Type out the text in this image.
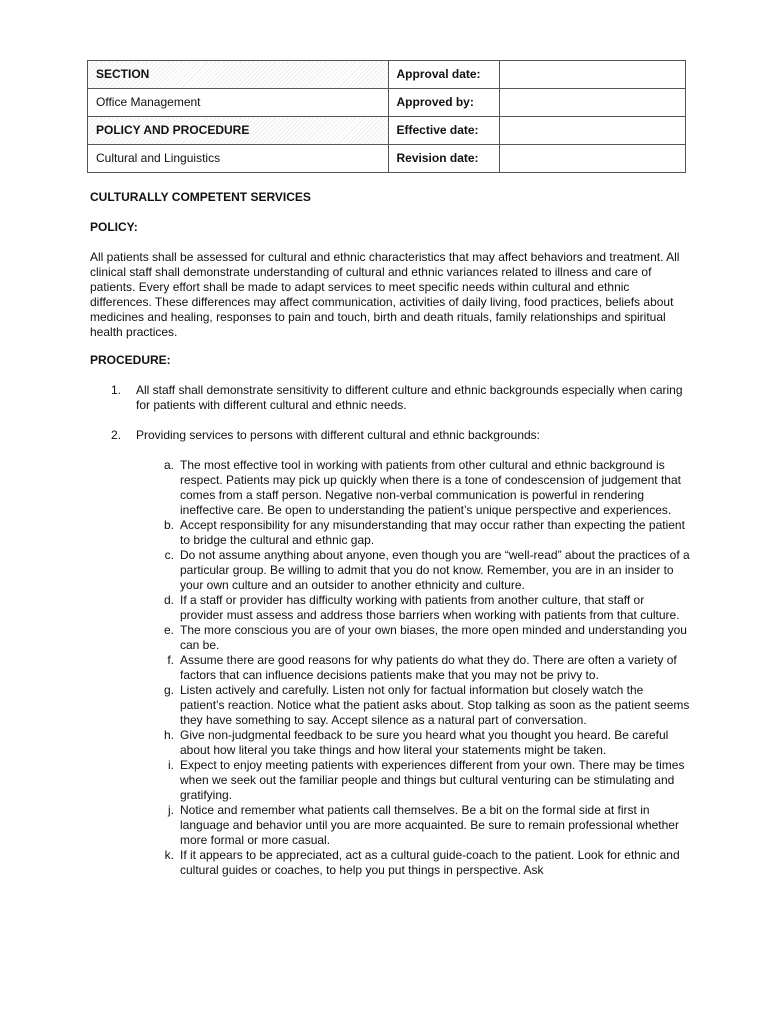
SECTION	Approval date:	
Office Management	Approved by:	
POLICY AND PROCEDURE	Effective date:	
Cultural and Linguistics	Revision date:	
CULTURALLY COMPETENT SERVICES
POLICY:

All patients shall be assessed for cultural and ethnic characteristics that may affect behaviors and treatment. All clinical staff shall demonstrate understanding of cultural and ethnic variances related to illness and care of patients. Every effort shall be made to adapt services to meet specific needs within cultural and ethnic differences. These differences may affect communication, activities of daily living, food practices, beliefs about medicines and healing, responses to pain and touch, birth and death rituals, family relationships and spiritual health practices.

PROCEDURE:
1. All staff shall demonstrate sensitivity to different culture and ethnic backgrounds especially when caring for patients with different cultural and ethnic needs.
2. Providing services to persons with different cultural and ethnic backgrounds:
a. The most effective tool in working with patients from other cultural and ethnic background is respect. Patients may pick up quickly when there is a tone of condescension of judgement that comes from a staff person. Negative non-verbal communication is powerful in rendering ineffective care. Be open to understanding the patient’s unique perspective and experiences.
b. Accept responsibility for any misunderstanding that may occur rather than expecting the patient to bridge the cultural and ethnic gap.
c. Do not assume anything about anyone, even though you are “well-read” about the practices of a particular group. Be willing to admit that you do not know. Remember, you are in an insider to your own culture and an outsider to another ethnicity and culture.
d. If a staff or provider has difficulty working with patients from another culture, that staff or provider must assess and address those barriers when working with patients from that culture.
e. The more conscious you are of your own biases, the more open minded and understanding you can be.
f. Assume there are good reasons for why patients do what they do. There are often a variety of factors that can influence decisions patients make that you may not be privy to.
g. Listen actively and carefully. Listen not only for factual information but closely watch the patient’s reaction. Notice what the patient asks about. Stop talking as soon as the patient seems they have something to say. Accept silence as a natural part of conversation.
h. Give non-judgmental feedback to be sure you heard what you thought you heard. Be careful about how literal you take things and how literal your statements might be taken.
i. Expect to enjoy meeting patients with experiences different from your own. There may be times when we seek out the familiar people and things but cultural venturing can be stimulating and gratifying.
j. Notice and remember what patients call themselves. Be a bit on the formal side at first in language and behavior until you are more acquainted. Be sure to remain professional whether more formal or more casual.
k. If it appears to be appreciated, act as a cultural guide-coach to the patient. Look for ethnic and cultural guides or coaches, to help you put things in perspective. Ask
